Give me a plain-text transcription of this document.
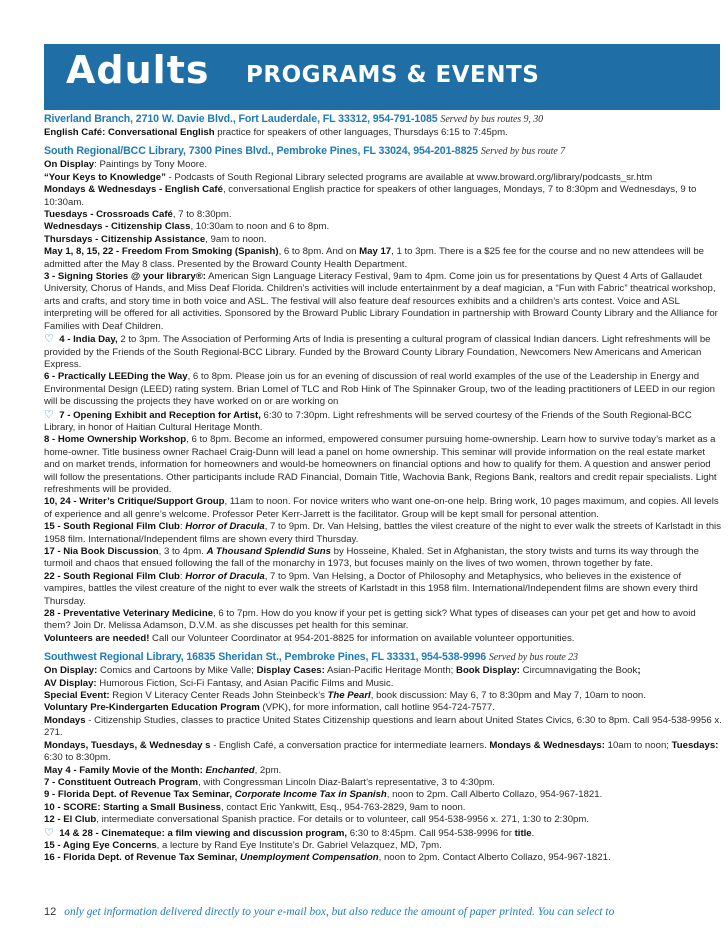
Adults PROGRAMS & EVENTS
Riverland Branch, 2710 W. Davie Blvd., Fort Lauderdale, FL 33312, 954-791-1085 Served by bus routes 9, 30
English Café: Conversational English practice for speakers of other languages, Thursdays 6:15 to 7:45pm.
South Regional/BCC Library, 7300 Pines Blvd., Pembroke Pines, FL 33024, 954-201-8825 Served by bus route 7
On Display: Paintings by Tony Moore.
“Your Keys to Knowledge” - Podcasts of South Regional Library selected programs are available at www.broward.org/library/podcasts_sr.htm
Mondays & Wednesdays - English Café, conversational English practice for speakers of other languages, Mondays, 7 to 8:30pm and Wednesdays, 9 to 10:30am.
Tuesdays - Crossroads Café, 7 to 8:30pm.
Wednesdays - Citizenship Class, 10:30am to noon and 6 to 8pm.
Thursdays - Citizenship Assistance, 9am to noon.
May 1, 8, 15, 22 - Freedom From Smoking (Spanish), 6 to 8pm. And on May 17, 1 to 3pm. There is a $25 fee for the course and no new attendees will be admitted after the May 8 class. Presented by the Broward County Health Department.
3 - Signing Stories @ your library®: American Sign Language Literacy Festival, 9am to 4pm. Come join us for presentations by Quest 4 Arts of Gallaudet University, Chorus of Hands, and Miss Deaf Florida. Children’s activities will include entertainment by a deaf magician, a “Fun with Fabric” theatrical workshop, arts and crafts, and story time in both voice and ASL. The festival will also feature deaf resources exhibits and a children’s arts contest. Voice and ASL interpreting will be offered for all activities. Sponsored by the Broward Public Library Foundation in partnership with Broward County Library and the Alliance for Families with Deaf Children.
♡ 4 - India Day, 2 to 3pm. The Association of Performing Arts of India is presenting a cultural program of classical Indian dancers. Light refreshments will be provided by the Friends of the South Regional-BCC Library. Funded by the Broward County Library Foundation, Newcomers New Americans and American Express.
6 - Practically LEEDing the Way, 6 to 8pm. Please join us for an evening of discussion of real world examples of the use of the Leadership in Energy and Environmental Design (LEED) rating system. Brian Lomel of TLC and Rob Hink of The Spinnaker Group, two of the leading practitioners of LEED in our region will be discussing the projects they have worked on or are working on
♡ 7 - Opening Exhibit and Reception for Artist, 6:30 to 7:30pm. Light refreshments will be served courtesy of the Friends of the South Regional-BCC Library, in honor of Haitian Cultural Heritage Month.
8 - Home Ownership Workshop, 6 to 8pm. Become an informed, empowered consumer pursuing home-ownership. Learn how to survive today’s market as a home-owner. Title business owner Rachael Craig-Dunn will lead a panel on home ownership. This seminar will provide information on the real estate market and on market trends, information for homeowners and would-be homeowners on financial options and how to qualify for them. A question and answer period will follow the presentations. Other participants include RAD Financial, Domain Title, Wachovia Bank, Regions Bank, realtors and credit repair specialists. Light refreshments will be provided.
10, 24 - Writer’s Critique/Support Group, 11am to noon. For novice writers who want one-on-one help. Bring work, 10 pages maximum, and copies. All levels of experience and all genre’s welcome. Professor Peter Kerr-Jarrett is the facilitator. Group will be kept small for personal attention.
15 - South Regional Film Club: Horror of Dracula, 7 to 9pm. Dr. Van Helsing, battles the vilest creature of the night to ever walk the streets of Karlstadt in this 1958 film. International/Independent films are shown every third Thursday.
17 - Nia Book Discussion, 3 to 4pm. A Thousand Splendid Suns by Hosseine, Khaled. Set in Afghanistan, the story twists and turns its way through the turmoil and chaos that ensued following the fall of the monarchy in 1973, but focuses mainly on the lives of two women, thrown together by fate.
22 - South Regional Film Club: Horror of Dracula, 7 to 9pm. Van Helsing, a Doctor of Philosophy and Metaphysics, who believes in the existence of vampires, battles the vilest creature of the night to ever walk the streets of Karlstadt in this 1958 film. International/Independent films are shown every third Thursday.
28 - Preventative Veterinary Medicine, 6 to 7pm. How do you know if your pet is getting sick? What types of diseases can your pet get and how to avoid them? Join Dr. Melissa Adamson, D.V.M. as she discusses pet health for this seminar.
Volunteers are needed! Call our Volunteer Coordinator at 954-201-8825 for information on available volunteer opportunities.
Southwest Regional Library, 16835 Sheridan St., Pembroke Pines, FL 33331, 954-538-9996 Served by bus route 23
On Display: Comics and Cartoons by Mike Valle; Display Cases: Asian-Pacific Heritage Month; Book Display: Circumnavigating the Book;
AV Display: Humorous Fiction, Sci-Fi Fantasy, and Asian Pacific Films and Music.
Special Event: Region V Literacy Center Reads John Steinbeck’s The Pearl, book discussion: May 6, 7 to 8:30pm and May 7, 10am to noon.
Voluntary Pre-Kindergarten Education Program (VPK), for more information, call hotline 954-724-7577.
Mondays - Citizenship Studies, classes to practice United States Citizenship questions and learn about United States Civics, 6:30 to 8pm. Call 954-538-9956 x. 271.
Mondays, Tuesdays, & Wednesday s - English Café, a conversation practice for intermediate learners. Mondays & Wednesdays: 10am to noon; Tuesdays: 6:30 to 8:30pm.
May 4 - Family Movie of the Month: Enchanted, 2pm.
7 - Constituent Outreach Program, with Congressman Lincoln Diaz-Balart’s representative, 3 to 4:30pm.
9 - Florida Dept. of Revenue Tax Seminar, Corporate Income Tax in Spanish, noon to 2pm. Call Alberto Collazo, 954-967-1821.
10 - SCORE: Starting a Small Business, contact Eric Yankwitt, Esq., 954-763-2829, 9am to noon.
12 - El Club, intermediate conversational Spanish practice. For details or to volunteer, call 954-538-9956 x. 271, 1:30 to 2:30pm.
♡ 14 & 28 - Cinemateque: a film viewing and discussion program, 6:30 to 8:45pm. Call 954-538-9996 for title.
15 - Aging Eye Concerns, a lecture by Rand Eye Institute’s Dr. Gabriel Velazquez, MD, 7pm.
16 - Florida Dept. of Revenue Tax Seminar, Unemployment Compensation, noon to 2pm. Contact Alberto Collazo, 954-967-1821.
12 only get information delivered directly to your e-mail box, but also reduce the amount of paper printed. You can select to
